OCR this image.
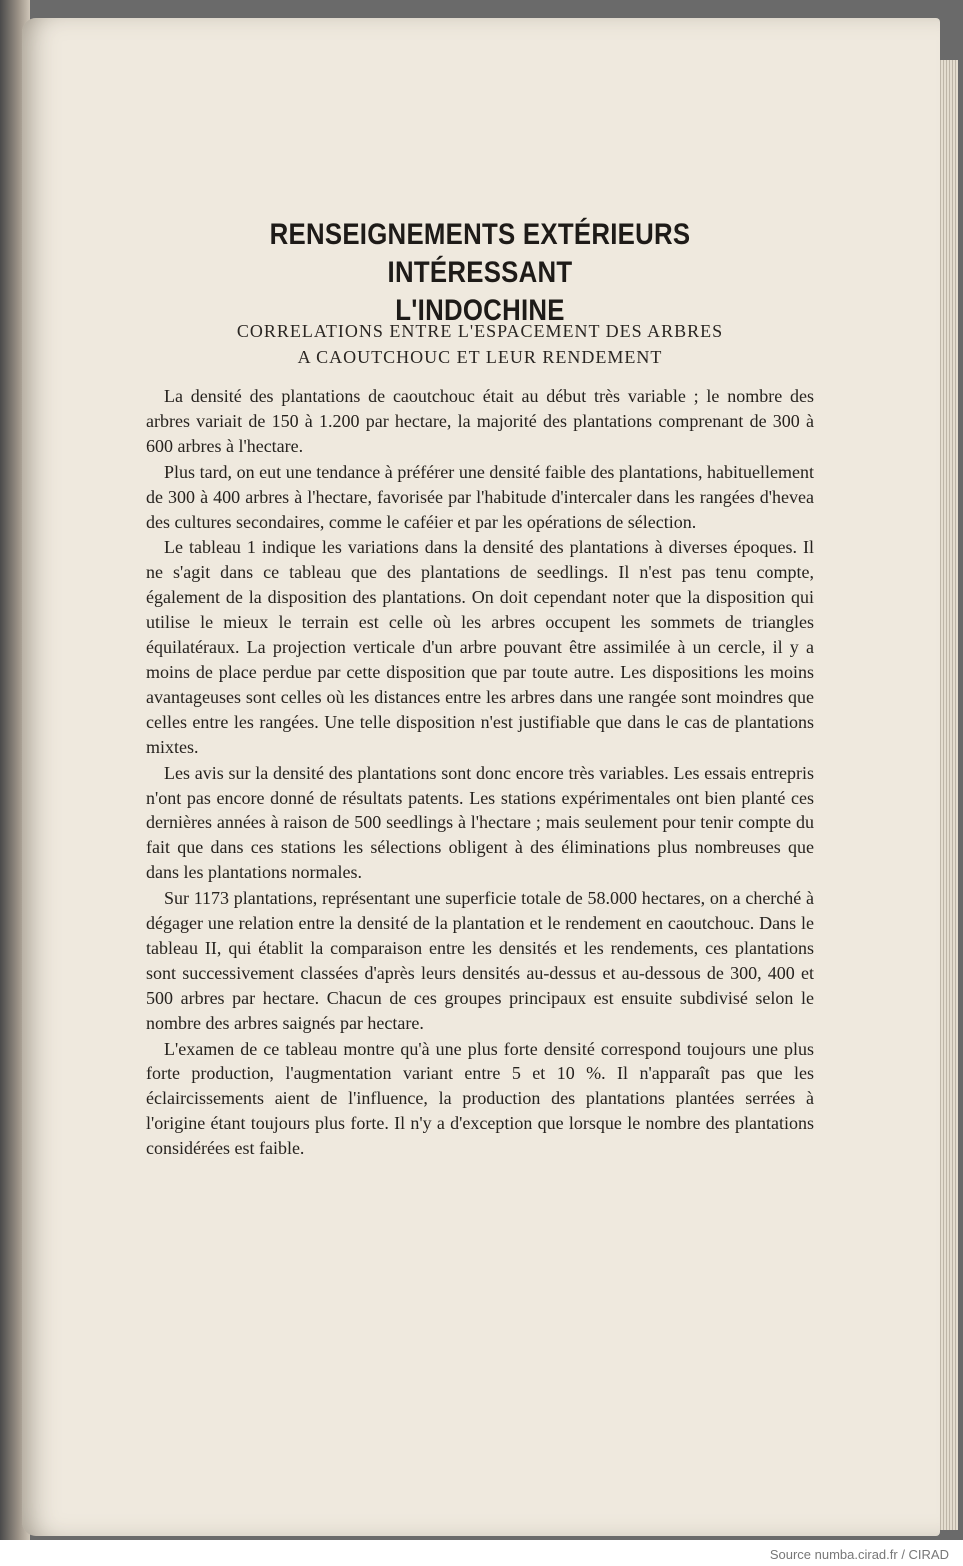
RENSEIGNEMENTS EXTÉRIEURS INTÉRESSANT
L'INDOCHINE
CORRELATIONS ENTRE L'ESPACEMENT DES ARBRES
A CAOUTCHOUC ET LEUR RENDEMENT

La densité des plantations de caoutchouc était au début très variable ; le nombre des arbres variait de 150 à 1.200 par hectare, la majorité des plantations comprenant de 300 à 600 arbres à l'hectare.

Plus tard, on eut une tendance à préférer une densité faible des plantations, habituellement de 300 à 400 arbres à l'hectare, favorisée par l'habitude d'intercaler dans les rangées d'hevea des cultures secondaires, comme le caféier et par les opérations de sélection.

Le tableau 1 indique les variations dans la densité des plantations à diverses époques. Il ne s'agit dans ce tableau que des plantations de seedlings. Il n'est pas tenu compte, également de la disposition des plantations. On doit cependant noter que la disposition qui utilise le mieux le terrain est celle où les arbres occupent les sommets de triangles équilatéraux. La projection verticale d'un arbre pouvant être assimilée à un cercle, il y a moins de place perdue par cette disposition que par toute autre. Les dispositions les moins avantageuses sont celles où les distances entre les arbres dans une rangée sont moindres que celles entre les rangées. Une telle disposition n'est justifiable que dans le cas de plantations mixtes.

Les avis sur la densité des plantations sont donc encore très variables. Les essais entrepris n'ont pas encore donné de résultats patents. Les stations expérimentales ont bien planté ces dernières années à raison de 500 seedlings à l'hectare ; mais seulement pour tenir compte du fait que dans ces stations les sélections obligent à des éliminations plus nombreuses que dans les plantations normales.

Sur 1173 plantations, représentant une superficie totale de 58.000 hectares, on a cherché à dégager une relation entre la densité de la plantation et le rendement en caoutchouc. Dans le tableau II, qui établit la comparaison entre les densités et les rendements, ces plantations sont successivement classées d'après leurs densités au-dessus et au-dessous de 300, 400 et 500 arbres par hectare. Chacun de ces groupes principaux est ensuite subdivisé selon le nombre des arbres saignés par hectare.

L'examen de ce tableau montre qu'à une plus forte densité correspond toujours une plus forte production, l'augmentation variant entre 5 et 10 %. Il n'apparaît pas que les éclaircissements aient de l'influence, la production des plantations plantées serrées à l'origine étant toujours plus forte. Il n'y a d'exception que lorsque le nombre des plantations considérées est faible.

Source numba.cirad.fr / CIRAD
